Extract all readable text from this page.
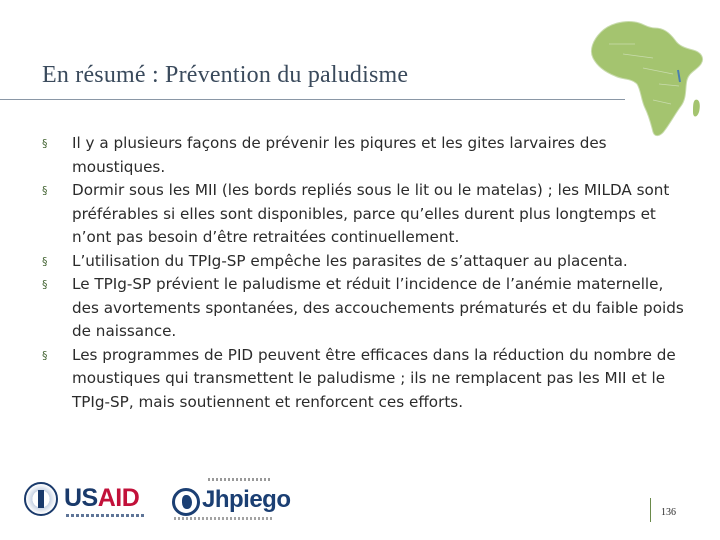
En résumé : Prévention du paludisme
§ Il y a plusieurs façons de prévenir les piqures et les gites larvaires des moustiques.
§ Dormir sous les MII (les bords repliés sous le lit ou le matelas) ; les MILDA sont préférables si elles sont disponibles, parce qu’elles durent plus longtemps et n’ont pas besoin d’être retraitées continuellement.
§ L’utilisation du TPIg-SP empêche les parasites de s’attaquer au placenta.
§ Le TPIg-SP prévient le paludisme et réduit l’incidence de l’anémie maternelle, des avortements spontanées, des accouchements prématurés et du faible poids de naissance.
§ Les programmes de PID peuvent être efficaces dans la réduction du nombre de moustiques qui transmettent le paludisme ; ils ne remplacent pas les MII et le TPIg-SP, mais soutiennent et renforcent ces efforts.
USAID	Jhpiego	136
